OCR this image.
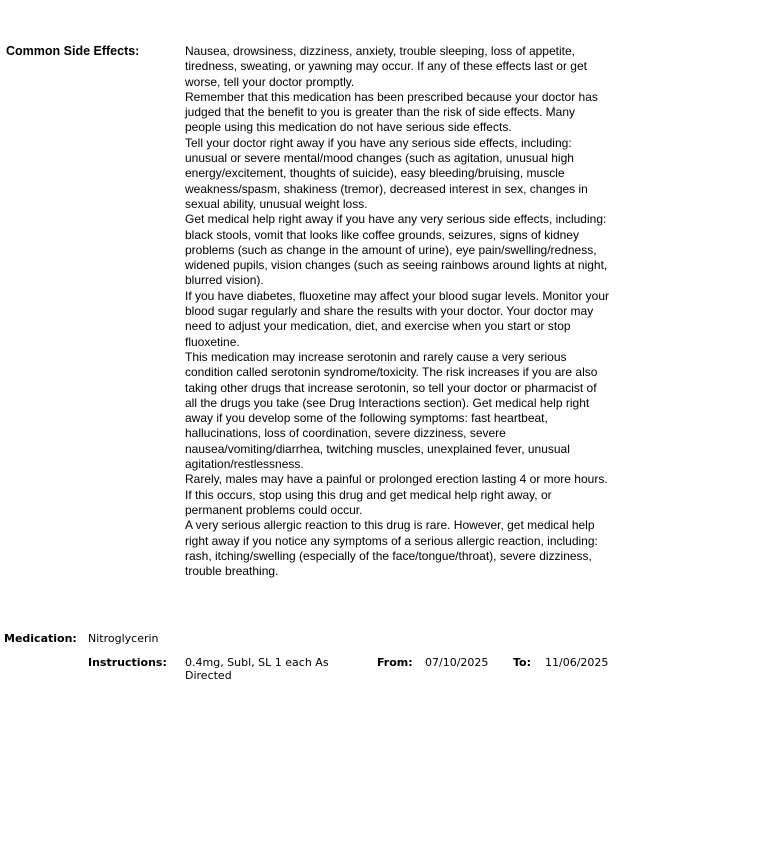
Common Side Effects:	Nausea, drowsiness, dizziness, anxiety, trouble sleeping, loss of appetite, tiredness, sweating, or yawning may occur. If any of these effects last or get worse, tell your doctor promptly.

Remember that this medication has been prescribed because your doctor has judged that the benefit to you is greater than the risk of side effects. Many people using this medication do not have serious side effects.

Tell your doctor right away if you have any serious side effects, including: unusual or severe mental/mood changes (such as agitation, unusual high energy/excitement, thoughts of suicide), easy bleeding/bruising, muscle weakness/spasm, shakiness (tremor), decreased interest in sex, changes in sexual ability, unusual weight loss.

Get medical help right away if you have any very serious side effects, including: black stools, vomit that looks like coffee grounds, seizures, signs of kidney problems (such as change in the amount of urine), eye pain/swelling/redness, widened pupils, vision changes (such as seeing rainbows around lights at night, blurred vision).

If you have diabetes, fluoxetine may affect your blood sugar levels. Monitor your blood sugar regularly and share the results with your doctor. Your doctor may need to adjust your medication, diet, and exercise when you start or stop fluoxetine.

This medication may increase serotonin and rarely cause a very serious condition called serotonin syndrome/toxicity. The risk increases if you are also taking other drugs that increase serotonin, so tell your doctor or pharmacist of all the drugs you take (see Drug Interactions section). Get medical help right away if you develop some of the following symptoms: fast heartbeat, hallucinations, loss of coordination, severe dizziness, severe nausea/vomiting/diarrhea, twitching muscles, unexplained fever, unusual agitation/restlessness.

Rarely, males may have a painful or prolonged erection lasting 4 or more hours. If this occurs, stop using this drug and get medical help right away, or permanent problems could occur.

A very serious allergic reaction to this drug is rare. However, get medical help right away if you notice any symptoms of a serious allergic reaction, including: rash, itching/swelling (especially of the face/tongue/throat), severe dizziness, trouble breathing.

Medication: Nitroglycerin
Instructions: 0.4mg, Subl, SL 1 each As Directed
From: 07/10/2025 To: 11/06/2025
